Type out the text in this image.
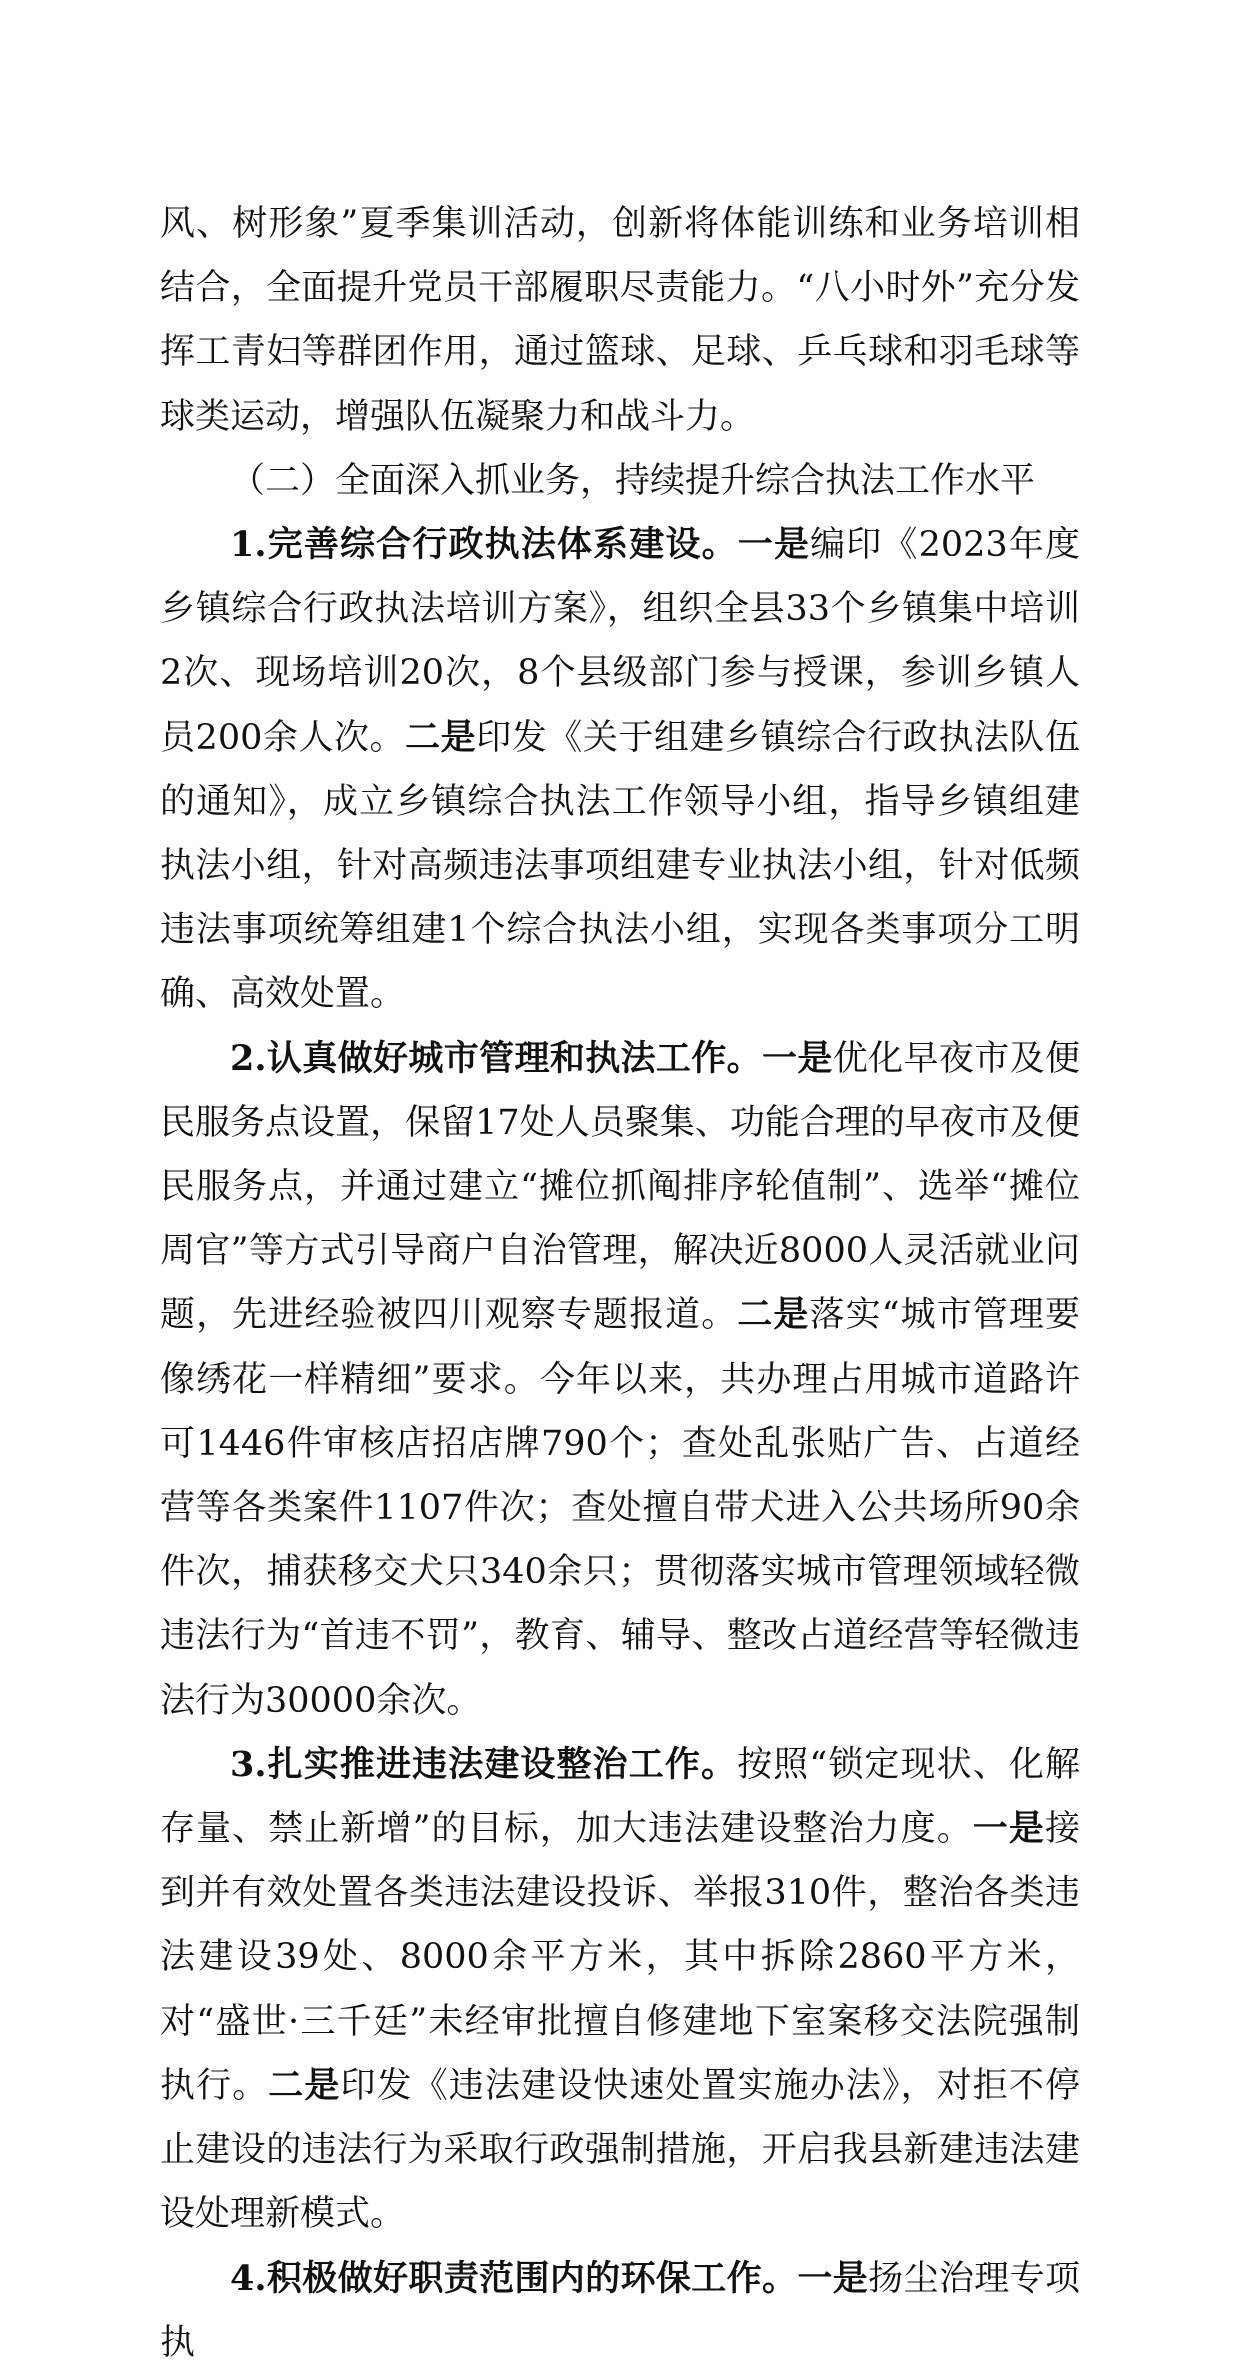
风、树形象”夏季集训活动，创新将体能训练和业务培训相结合，全面提升党员干部履职尽责能力。“八小时外”充分发挥工青妇等群团作用，通过篮球、足球、乒乓球和羽毛球等球类运动，增强队伍凝聚力和战斗力。

（二）全面深入抓业务，持续提升综合执法工作水平

1.完善综合行政执法体系建设。一是编印《2023年度乡镇综合行政执法培训方案》，组织全县33个乡镇集中培训2次、现场培训20次，8个县级部门参与授课，参训乡镇人员200余人次。二是印发《关于组建乡镇综合行政执法队伍的通知》，成立乡镇综合执法工作领导小组，指导乡镇组建执法小组，针对高频违法事项组建专业执法小组，针对低频违法事项统筹组建1个综合执法小组，实现各类事项分工明确、高效处置。

2.认真做好城市管理和执法工作。一是优化早夜市及便民服务点设置，保留17处人员聚集、功能合理的早夜市及便民服务点，并通过建立“摊位抓阄排序轮值制”、选举“摊位周官”等方式引导商户自治管理，解决近8000人灵活就业问题，先进经验被四川观察专题报道。二是落实“城市管理要像绣花一样精细”要求。今年以来，共办理占用城市道路许可1446件审核店招店牌790个；查处乱张贴广告、占道经营等各类案件1107件次；查处擅自带犬进入公共场所90余件次，捕获移交犬只340余只；贯彻落实城市管理领域轻微违法行为“首违不罚”，教育、辅导、整改占道经营等轻微违法行为30000余次。

3.扎实推进违法建设整治工作。按照“锁定现状、化解存量、禁止新增”的目标，加大违法建设整治力度。一是接到并有效处置各类违法建设投诉、举报310件，整治各类违法建设39处、8000余平方米，其中拆除2860平方米，对“盛世·三千廷”未经审批擅自修建地下室案移交法院强制执行。二是印发《违法建设快速处置实施办法》，对拒不停止建设的违法行为采取行政强制措施，开启我县新建违法建设处理新模式。

4.积极做好职责范围内的环保工作。一是扬尘治理专项执
